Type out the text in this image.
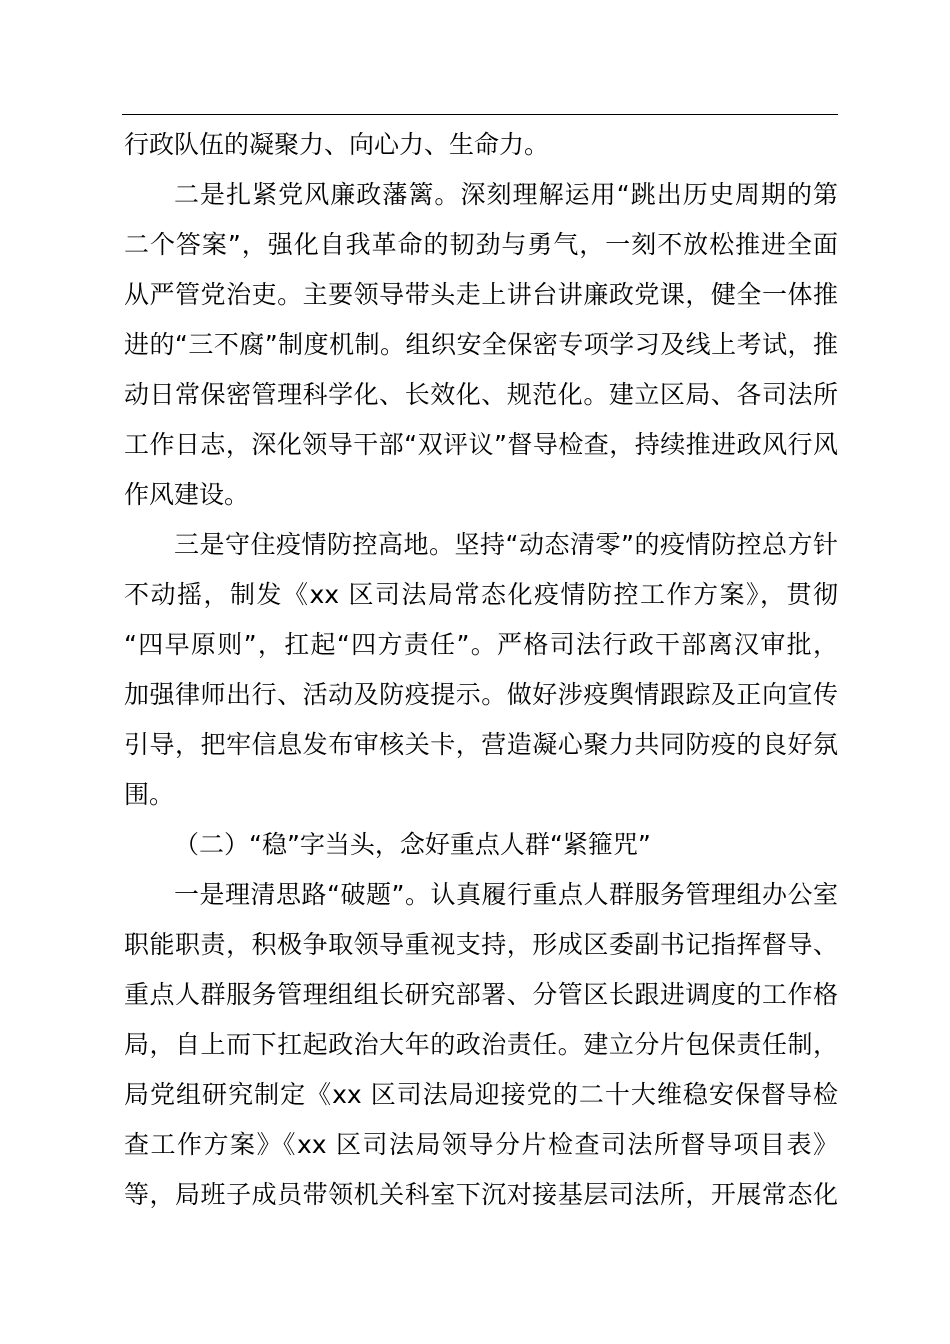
行政队伍的凝聚力、向心力、生命力。
二是扎紧党风廉政藩篱。深刻理解运用“跳出历史周期的第
二个答案”，强化自我革命的韧劲与勇气，一刻不放松推进全面
从严管党治吏。主要领导带头走上讲台讲廉政党课，健全一体推
进的“三不腐”制度机制。组织安全保密专项学习及线上考试，推
动日常保密管理科学化、长效化、规范化。建立区局、各司法所
工作日志，深化领导干部“双评议”督导检查，持续推进政风行风
作风建设。
三是守住疫情防控高地。坚持“动态清零”的疫情防控总方针
不动摇，制发《xx 区司法局常态化疫情防控工作方案》，贯彻
“四早原则”，扛起“四方责任”。严格司法行政干部离汉审批，
加强律师出行、活动及防疫提示。做好涉疫舆情跟踪及正向宣传
引导，把牢信息发布审核关卡，营造凝心聚力共同防疫的良好氛
围。
（二）“稳”字当头，念好重点人群“紧箍咒”
一是理清思路“破题”。认真履行重点人群服务管理组办公室
职能职责，积极争取领导重视支持，形成区委副书记指挥督导、
重点人群服务管理组组长研究部署、分管区长跟进调度的工作格
局，自上而下扛起政治大年的政治责任。建立分片包保责任制，
局党组研究制定《xx 区司法局迎接党的二十大维稳安保督导检
查工作方案》《xx 区司法局领导分片检查司法所督导项目表》
等，局班子成员带领机关科室下沉对接基层司法所，开展常态化
